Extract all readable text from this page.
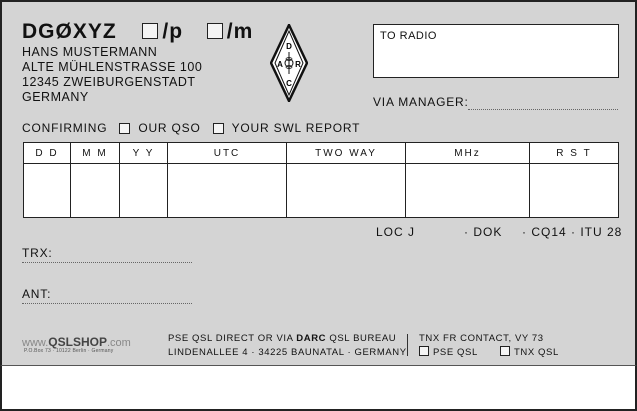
DGØXYZ /p /m
HANS MUSTERMANN
ALTE MÜHLENSTRASSE 100
12345 ZWEIBURGENSTADT
GERMANY
D
A R
C
TO RADIO
VIA MANAGER:
CONFIRMING	OUR QSO	YOUR SWL REPORT
D D	M M	Y Y	UTC	TWO WAY	MHz	R S T

LOC J	· DOK · CQ14 · ITU 28
TRX:
ANT:
www.QSLSHOP.com
P.O.Box 73 · 10122 Berlin · Germany
PSE QSL DIRECT OR VIA DARC QSL BUREAU
LINDENALLEE 4 · 34225 BAUNATAL · GERMANY
TNX FR CONTACT, VY 73
PSE QSL	TNX QSL
